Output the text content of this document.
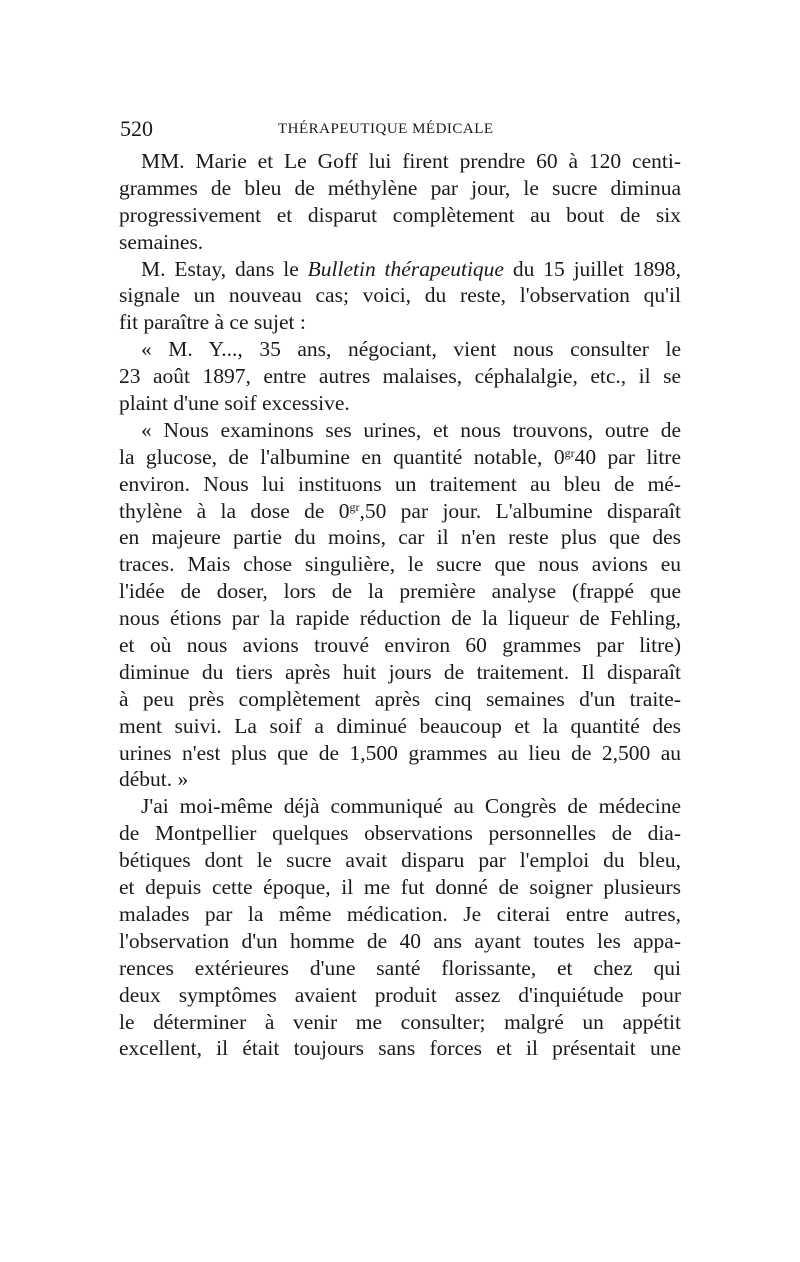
520	THÉRAPEUTIQUE MÉDICALE
MM. Marie et Le Goff lui firent prendre 60 à 120 centi-
grammes de bleu de méthylène par jour, le sucre diminua
progressivement et disparut complètement au bout de six
semaines.
M. Estay, dans le Bulletin thérapeutique du 15 juillet 1898,
signale un nouveau cas; voici, du reste, l'observation qu'il
fit paraître à ce sujet :
« M. Y..., 35 ans, négociant, vient nous consulter le
23 août 1897, entre autres malaises, céphalalgie, etc., il se
plaint d'une soif excessive.
« Nous examinons ses urines, et nous trouvons, outre de
la glucose, de l'albumine en quantité notable, $0^{gr}40$ par litre
environ. Nous lui instituons un traitement au bleu de mé-
thylène à la dose de $0^{gr},50$ par jour. L'albumine disparaît
en majeure partie du moins, car il n'en reste plus que des
traces. Mais chose singulière, le sucre que nous avions eu
l'idée de doser, lors de la première analyse (frappé que
nous étions par la rapide réduction de la liqueur de Fehling,
et où nous avions trouvé environ 60 grammes par litre)
diminue du tiers après huit jours de traitement. Il disparaît
à peu près complètement après cinq semaines d'un traite-
ment suivi. La soif a diminué beaucoup et la quantité des
urines n'est plus que de 1,500 grammes au lieu de 2,500 au
début. »
J'ai moi-même déjà communiqué au Congrès de médecine
de Montpellier quelques observations personnelles de dia-
bétiques dont le sucre avait disparu par l'emploi du bleu,
et depuis cette époque, il me fut donné de soigner plusieurs
malades par la même médication. Je citerai entre autres,
l'observation d'un homme de 40 ans ayant toutes les appa-
rences extérieures d'une santé florissante, et chez qui
deux symptômes avaient produit assez d'inquiétude pour
le déterminer à venir me consulter; malgré un appétit
excellent, il était toujours sans forces et il présentait une
